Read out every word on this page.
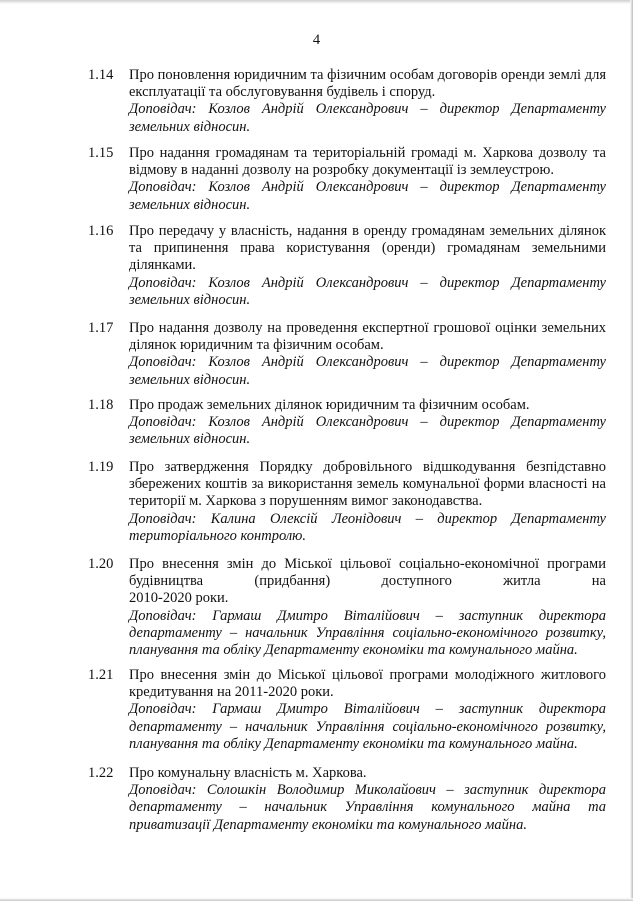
4
1.14	Про поновлення юридичним та фізичним особам договорів оренди землі для експлуатації та обслуговування будівель і споруд.
Доповідач: Козлов Андрій Олександрович – директор Департаменту земельних відносин.
1.15	Про надання громадянам та територіальній громаді м. Харкова дозволу та відмову в наданні дозволу на розробку документації із землеустрою.
Доповідач: Козлов Андрій Олександрович – директор Департаменту земельних відносин.
1.16	Про передачу у власність, надання в оренду громадянам земельних ділянок та припинення права користування (оренди) громадянам земельними ділянками.
Доповідач: Козлов Андрій Олександрович – директор Департаменту земельних відносин.
1.17	Про надання дозволу на проведення експертної грошової оцінки земельних ділянок юридичним та фізичним особам.
Доповідач: Козлов Андрій Олександрович – директор Департаменту земельних відносин.
1.18	Про продаж земельних ділянок юридичним та фізичним особам.
Доповідач: Козлов Андрій Олександрович – директор Департаменту земельних відносин.
1.19	Про затвердження Порядку добровільного відшкодування безпідставно збережених коштів за використання земель комунальної форми власності на території м. Харкова з порушенням вимог законодавства.
Доповідач: Калина Олексій Леонідович – директор Департаменту територіального контролю.
1.20	Про внесення змін до Міської цільової соціально-економічної програми будівництва (придбання) доступного житла на
2010-2020 роки.
Доповідач: Гармаш Дмитро Віталійович – заступник директора департаменту – начальник Управління соціально-економічного розвитку, планування та обліку Департаменту економіки та комунального майна.
1.21	Про внесення змін до Міської цільової програми молодіжного житлового кредитування на 2011-2020 роки.
Доповідач: Гармаш Дмитро Віталійович – заступник директора департаменту – начальник Управління соціально-економічного розвитку, планування та обліку Департаменту економіки та комунального майна.
1.22	Про комунальну власність м. Харкова.
Доповідач: Солошкін Володимир Миколайович – заступник директора департаменту – начальник Управління комунального майна та приватизації Департаменту економіки та комунального майна.
